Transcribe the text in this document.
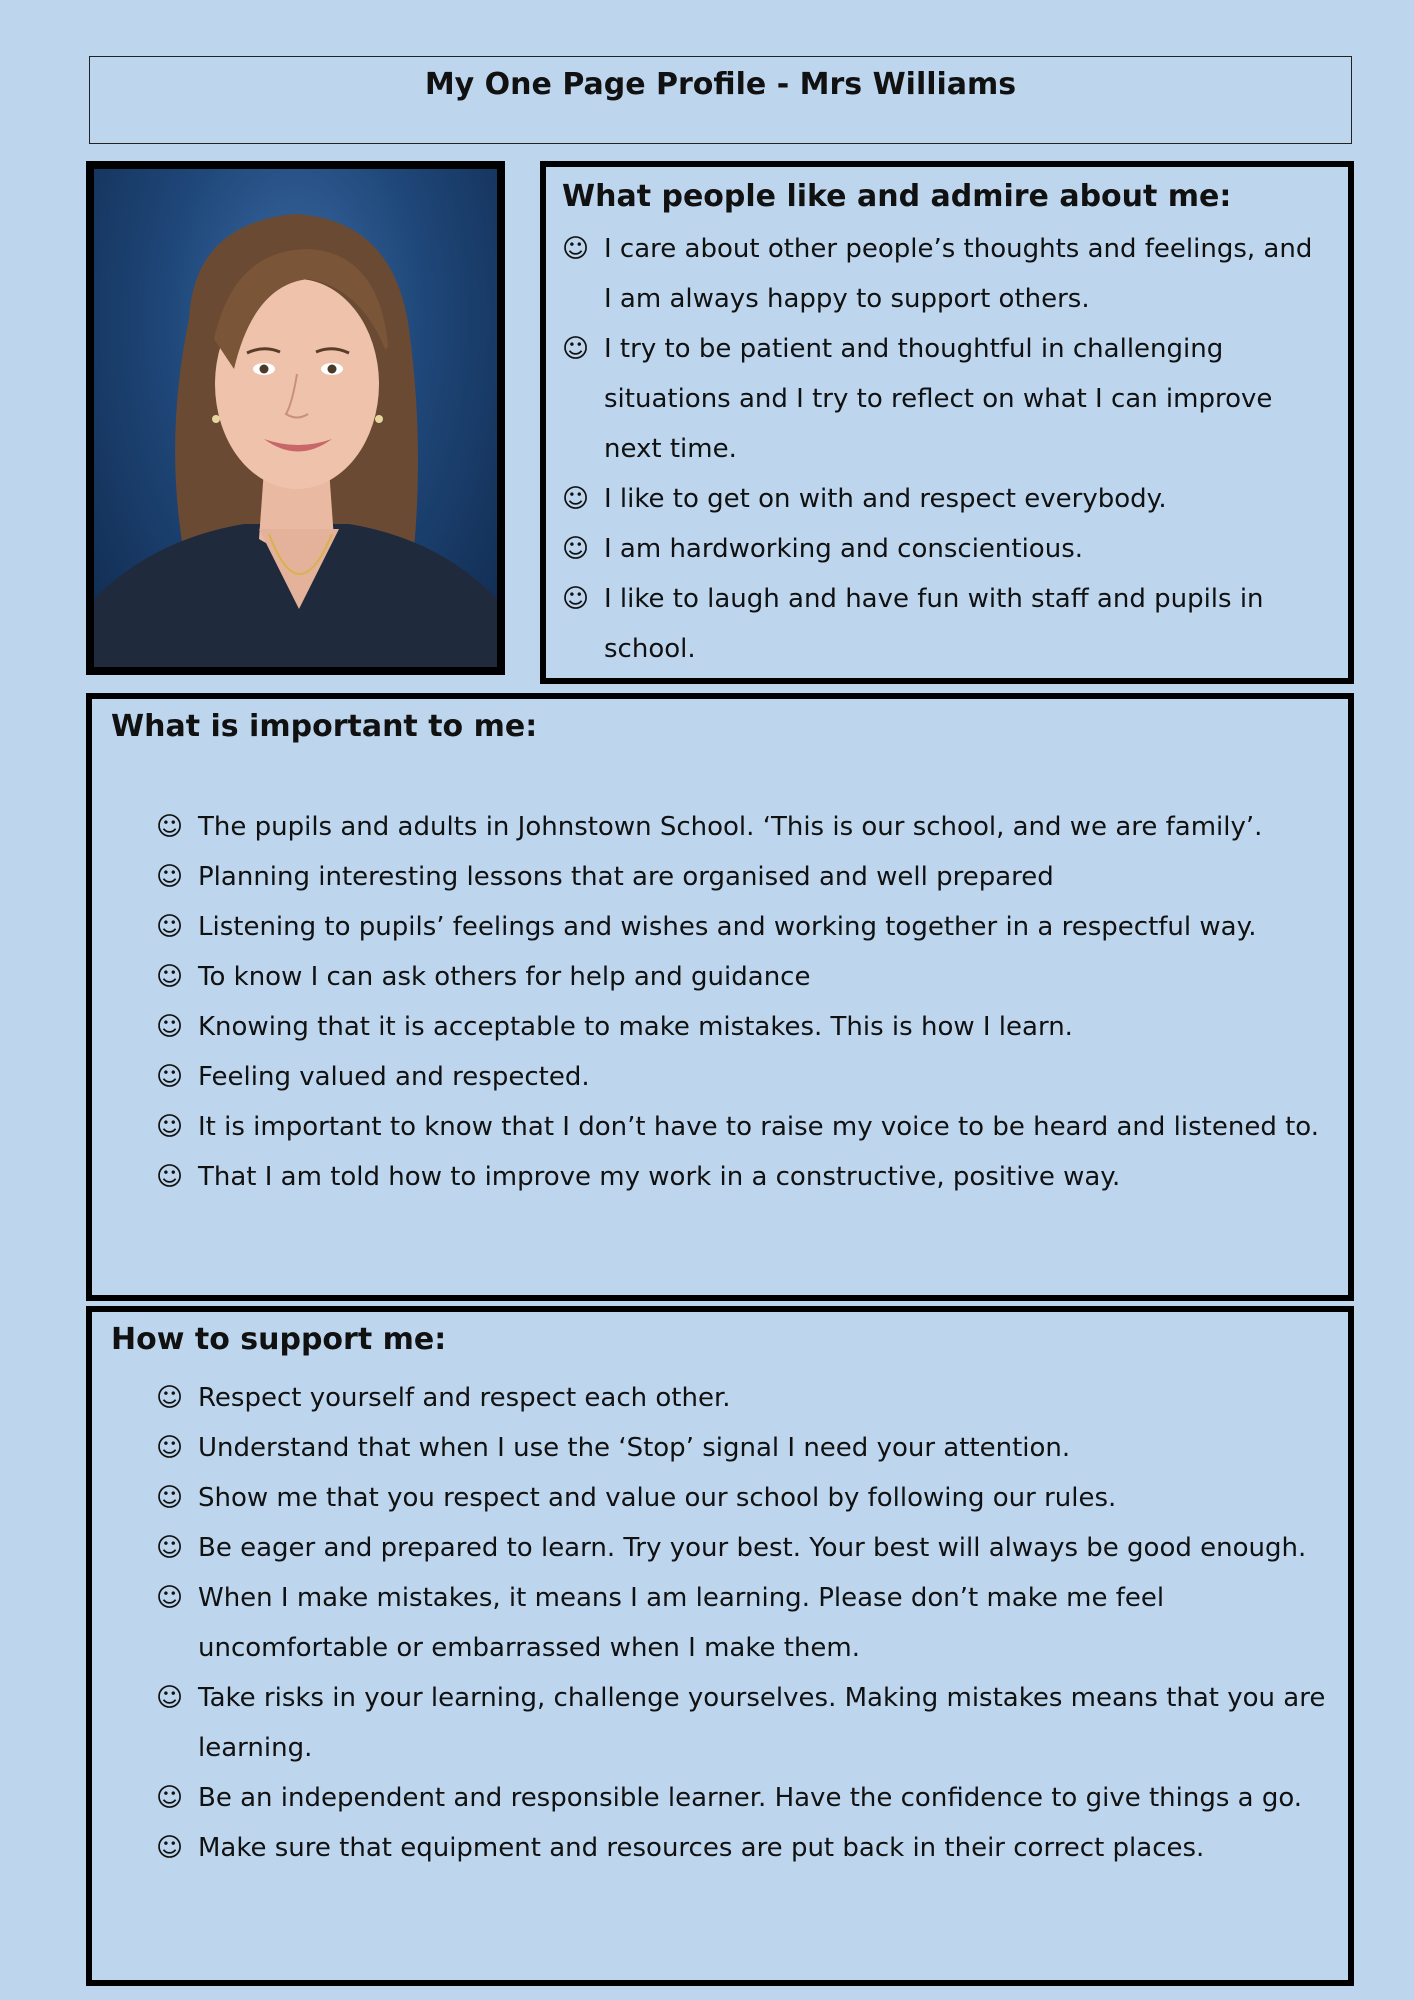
My One Page Profile - Mrs Williams
What people like and admire about me:
☺ I care about other people’s thoughts and feelings, and I am always happy to support others.
☺ I try to be patient and thoughtful in challenging situations and I try to reflect on what I can improve next time.
☺ I like to get on with and respect everybody.
☺ I am hardworking and conscientious.
☺ I like to laugh and have fun with staff and pupils in school.
What is important to me:
☺ The pupils and adults in Johnstown School. ‘This is our school, and we are family’.
☺ Planning interesting lessons that are organised and well prepared
☺ Listening to pupils’ feelings and wishes and working together in a respectful way.
☺ To know I can ask others for help and guidance
☺ Knowing that it is acceptable to make mistakes. This is how I learn.
☺ Feeling valued and respected.
☺ It is important to know that I don’t have to raise my voice to be heard and listened to.
☺ That I am told how to improve my work in a constructive, positive way.
How to support me:
☺ Respect yourself and respect each other.
☺ Understand that when I use the ‘Stop’ signal I need your attention.
☺ Show me that you respect and value our school by following our rules.
☺ Be eager and prepared to learn. Try your best. Your best will always be good enough.
☺ When I make mistakes, it means I am learning. Please don’t make me feel uncomfortable or embarrassed when I make them.
☺ Take risks in your learning, challenge yourselves. Making mistakes means that you are learning.
☺ Be an independent and responsible learner. Have the confidence to give things a go.
☺ Make sure that equipment and resources are put back in their correct places.
